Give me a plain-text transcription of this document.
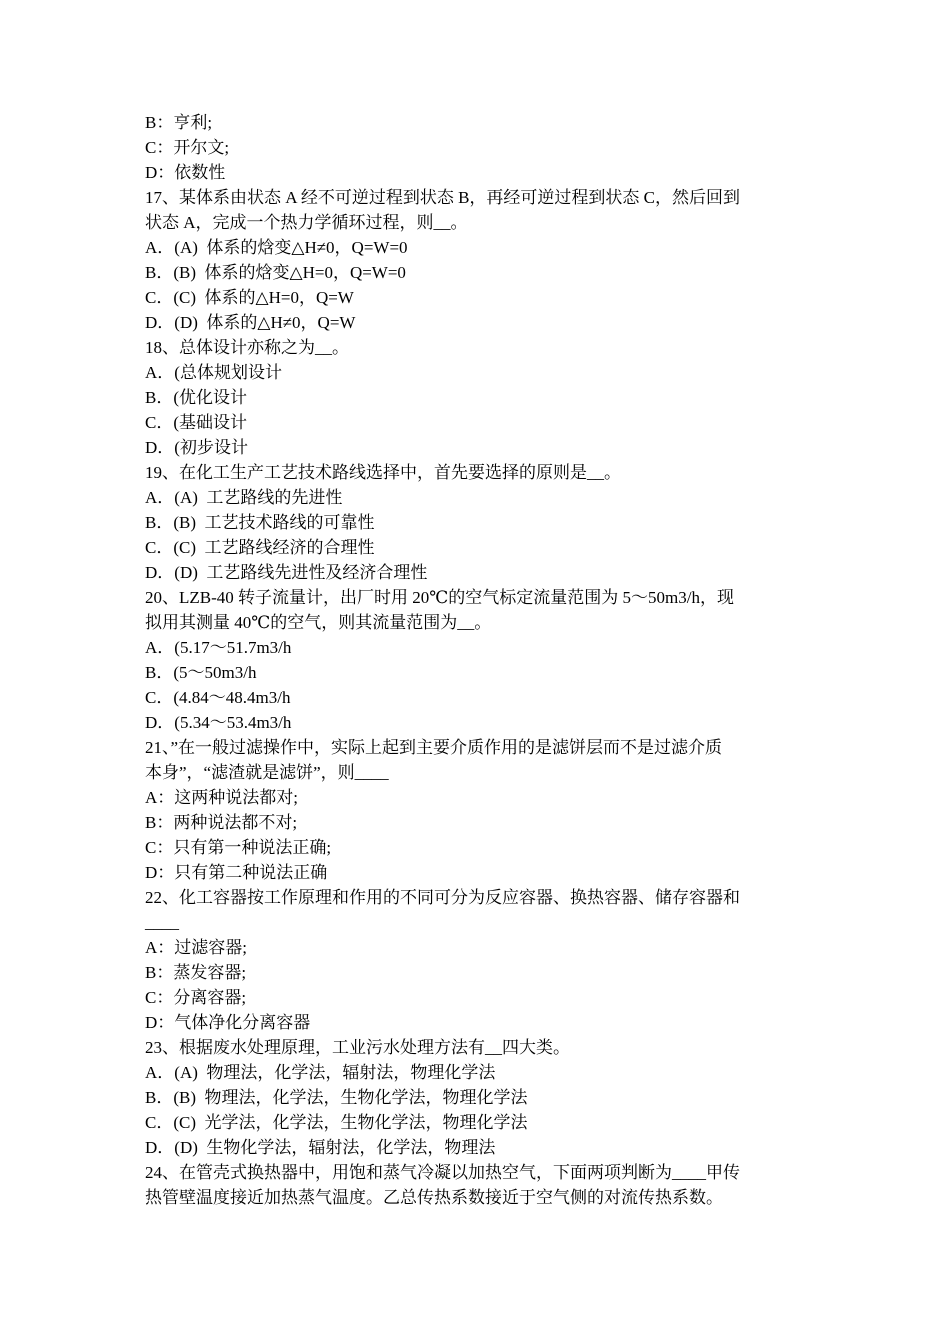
B：亨利;
C：开尔文;
D：依数性
17、某体系由状态 A 经不可逆过程到状态 B，再经可逆过程到状态 C，然后回到
状态 A，完成一个热力学循环过程，则__。
A．(A)  体系的焓变△H≠0，Q=W=0
B．(B)  体系的焓变△H=0，Q=W=0
C．(C)  体系的△H=0，Q=W
D．(D)  体系的△H≠0，Q=W
18、总体设计亦称之为__。
A．(总体规划设计
B．(优化设计
C．(基础设计
D．(初步设计
19、在化工生产工艺技术路线选择中，首先要选择的原则是__。
A．(A)  工艺路线的先进性
B．(B)  工艺技术路线的可靠性
C．(C)  工艺路线经济的合理性
D．(D)  工艺路线先进性及经济合理性
20、LZB-40 转子流量计，出厂时用 20℃的空气标定流量范围为 5～50m3/h，现
拟用其测量 40℃的空气，则其流量范围为__。
A．(5.17～51.7m3/h
B．(5～50m3/h
C．(4.84～48.4m3/h
D．(5.34～53.4m3/h
21、”在一般过滤操作中，实际上起到主要介质作用的是滤饼层而不是过滤介质
本身”，“滤渣就是滤饼”，则____
A：这两种说法都对;
B：两种说法都不对;
C：只有第一种说法正确;
D：只有第二种说法正确
22、化工容器按工作原理和作用的不同可分为反应容器、换热容器、储存容器和
____
A：过滤容器;
B：蒸发容器;
C：分离容器;
D：气体净化分离容器
23、根据废水处理原理，工业污水处理方法有__四大类。
A．(A)  物理法，化学法，辐射法，物理化学法
B．(B)  物理法，化学法，生物化学法，物理化学法
C．(C)  光学法，化学法，生物化学法，物理化学法
D．(D)  生物化学法，辐射法，化学法，物理法
24、在管壳式换热器中，用饱和蒸气冷凝以加热空气，下面两项判断为____甲传
热管壁温度接近加热蒸气温度。乙总传热系数接近于空气侧的对流传热系数。
